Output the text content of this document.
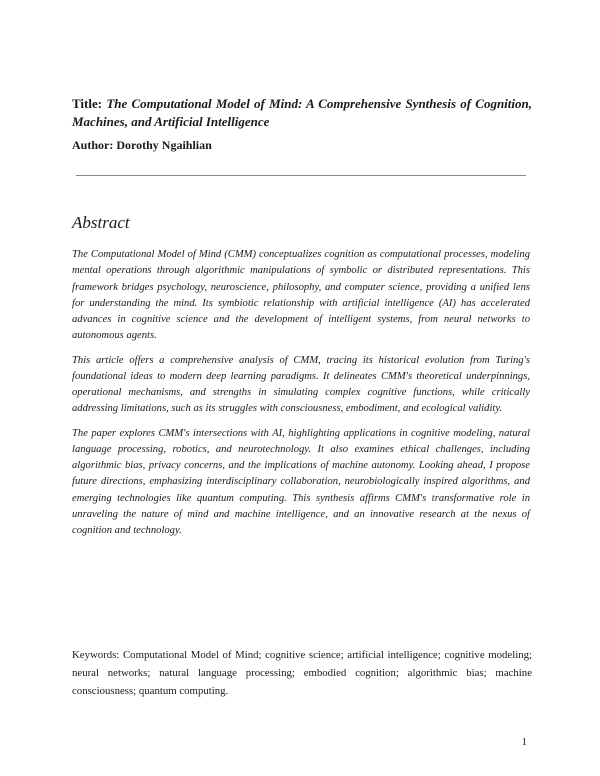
Title: The Computational Model of Mind: A Comprehensive Synthesis of Cognition, Machines, and Artificial Intelligence
Author: Dorothy Ngaihlian
Abstract

The Computational Model of Mind (CMM) conceptualizes cognition as computational processes, modeling mental operations through algorithmic manipulations of symbolic or distributed representations. This framework bridges psychology, neuroscience, philosophy, and computer science, providing a unified lens for understanding the mind. Its symbiotic relationship with artificial intelligence (AI) has accelerated advances in cognitive science and the development of intelligent systems, from neural networks to autonomous agents.

This article offers a comprehensive analysis of CMM, tracing its historical evolution from Turing's foundational ideas to modern deep learning paradigms. It delineates CMM's theoretical underpinnings, operational mechanisms, and strengths in simulating complex cognitive functions, while critically addressing limitations, such as its struggles with consciousness, embodiment, and ecological validity.

The paper explores CMM's intersections with AI, highlighting applications in cognitive modeling, natural language processing, robotics, and neurotechnology. It also examines ethical challenges, including algorithmic bias, privacy concerns, and the implications of machine autonomy. Looking ahead, I propose future directions, emphasizing interdisciplinary collaboration, neurobiologically inspired algorithms, and emerging technologies like quantum computing. This synthesis affirms CMM's transformative role in unraveling the nature of mind and machine intelligence, and an innovative research at the nexus of cognition and technology.

Keywords: Computational Model of Mind; cognitive science; artificial intelligence; cognitive modeling; neural networks; natural language processing; embodied cognition; algorithmic bias; machine consciousness; quantum computing.
1
